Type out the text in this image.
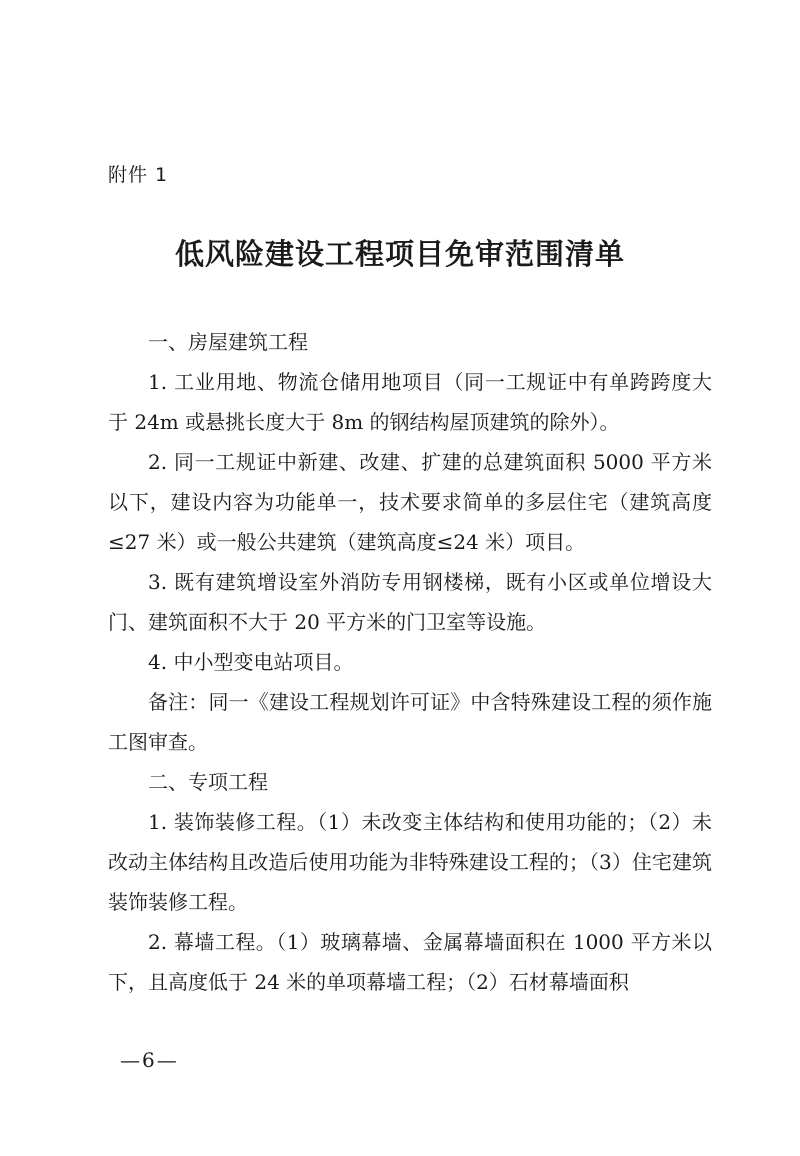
附件 1
低风险建设工程项目免审范围清单

一、房屋建筑工程

1. 工业用地、物流仓储用地项目（同一工规证中有单跨跨度大于 24m 或悬挑长度大于 8m 的钢结构屋顶建筑的除外）。

2. 同一工规证中新建、改建、扩建的总建筑面积 5000 平方米以下，建设内容为功能单一，技术要求简单的多层住宅（建筑高度≤27 米）或一般公共建筑（建筑高度≤24 米）项目。

3. 既有建筑增设室外消防专用钢楼梯，既有小区或单位增设大门、建筑面积不大于 20 平方米的门卫室等设施。

4. 中小型变电站项目。

备注：同一《建设工程规划许可证》中含特殊建设工程的须作施工图审查。

二、专项工程

1. 装饰装修工程。（1）未改变主体结构和使用功能的；（2）未改动主体结构且改造后使用功能为非特殊建设工程的；（3）住宅建筑装饰装修工程。

2. 幕墙工程。（1）玻璃幕墙、金属幕墙面积在 1000 平方米以下，且高度低于 24 米的单项幕墙工程；（2）石材幕墙面积

—6—
